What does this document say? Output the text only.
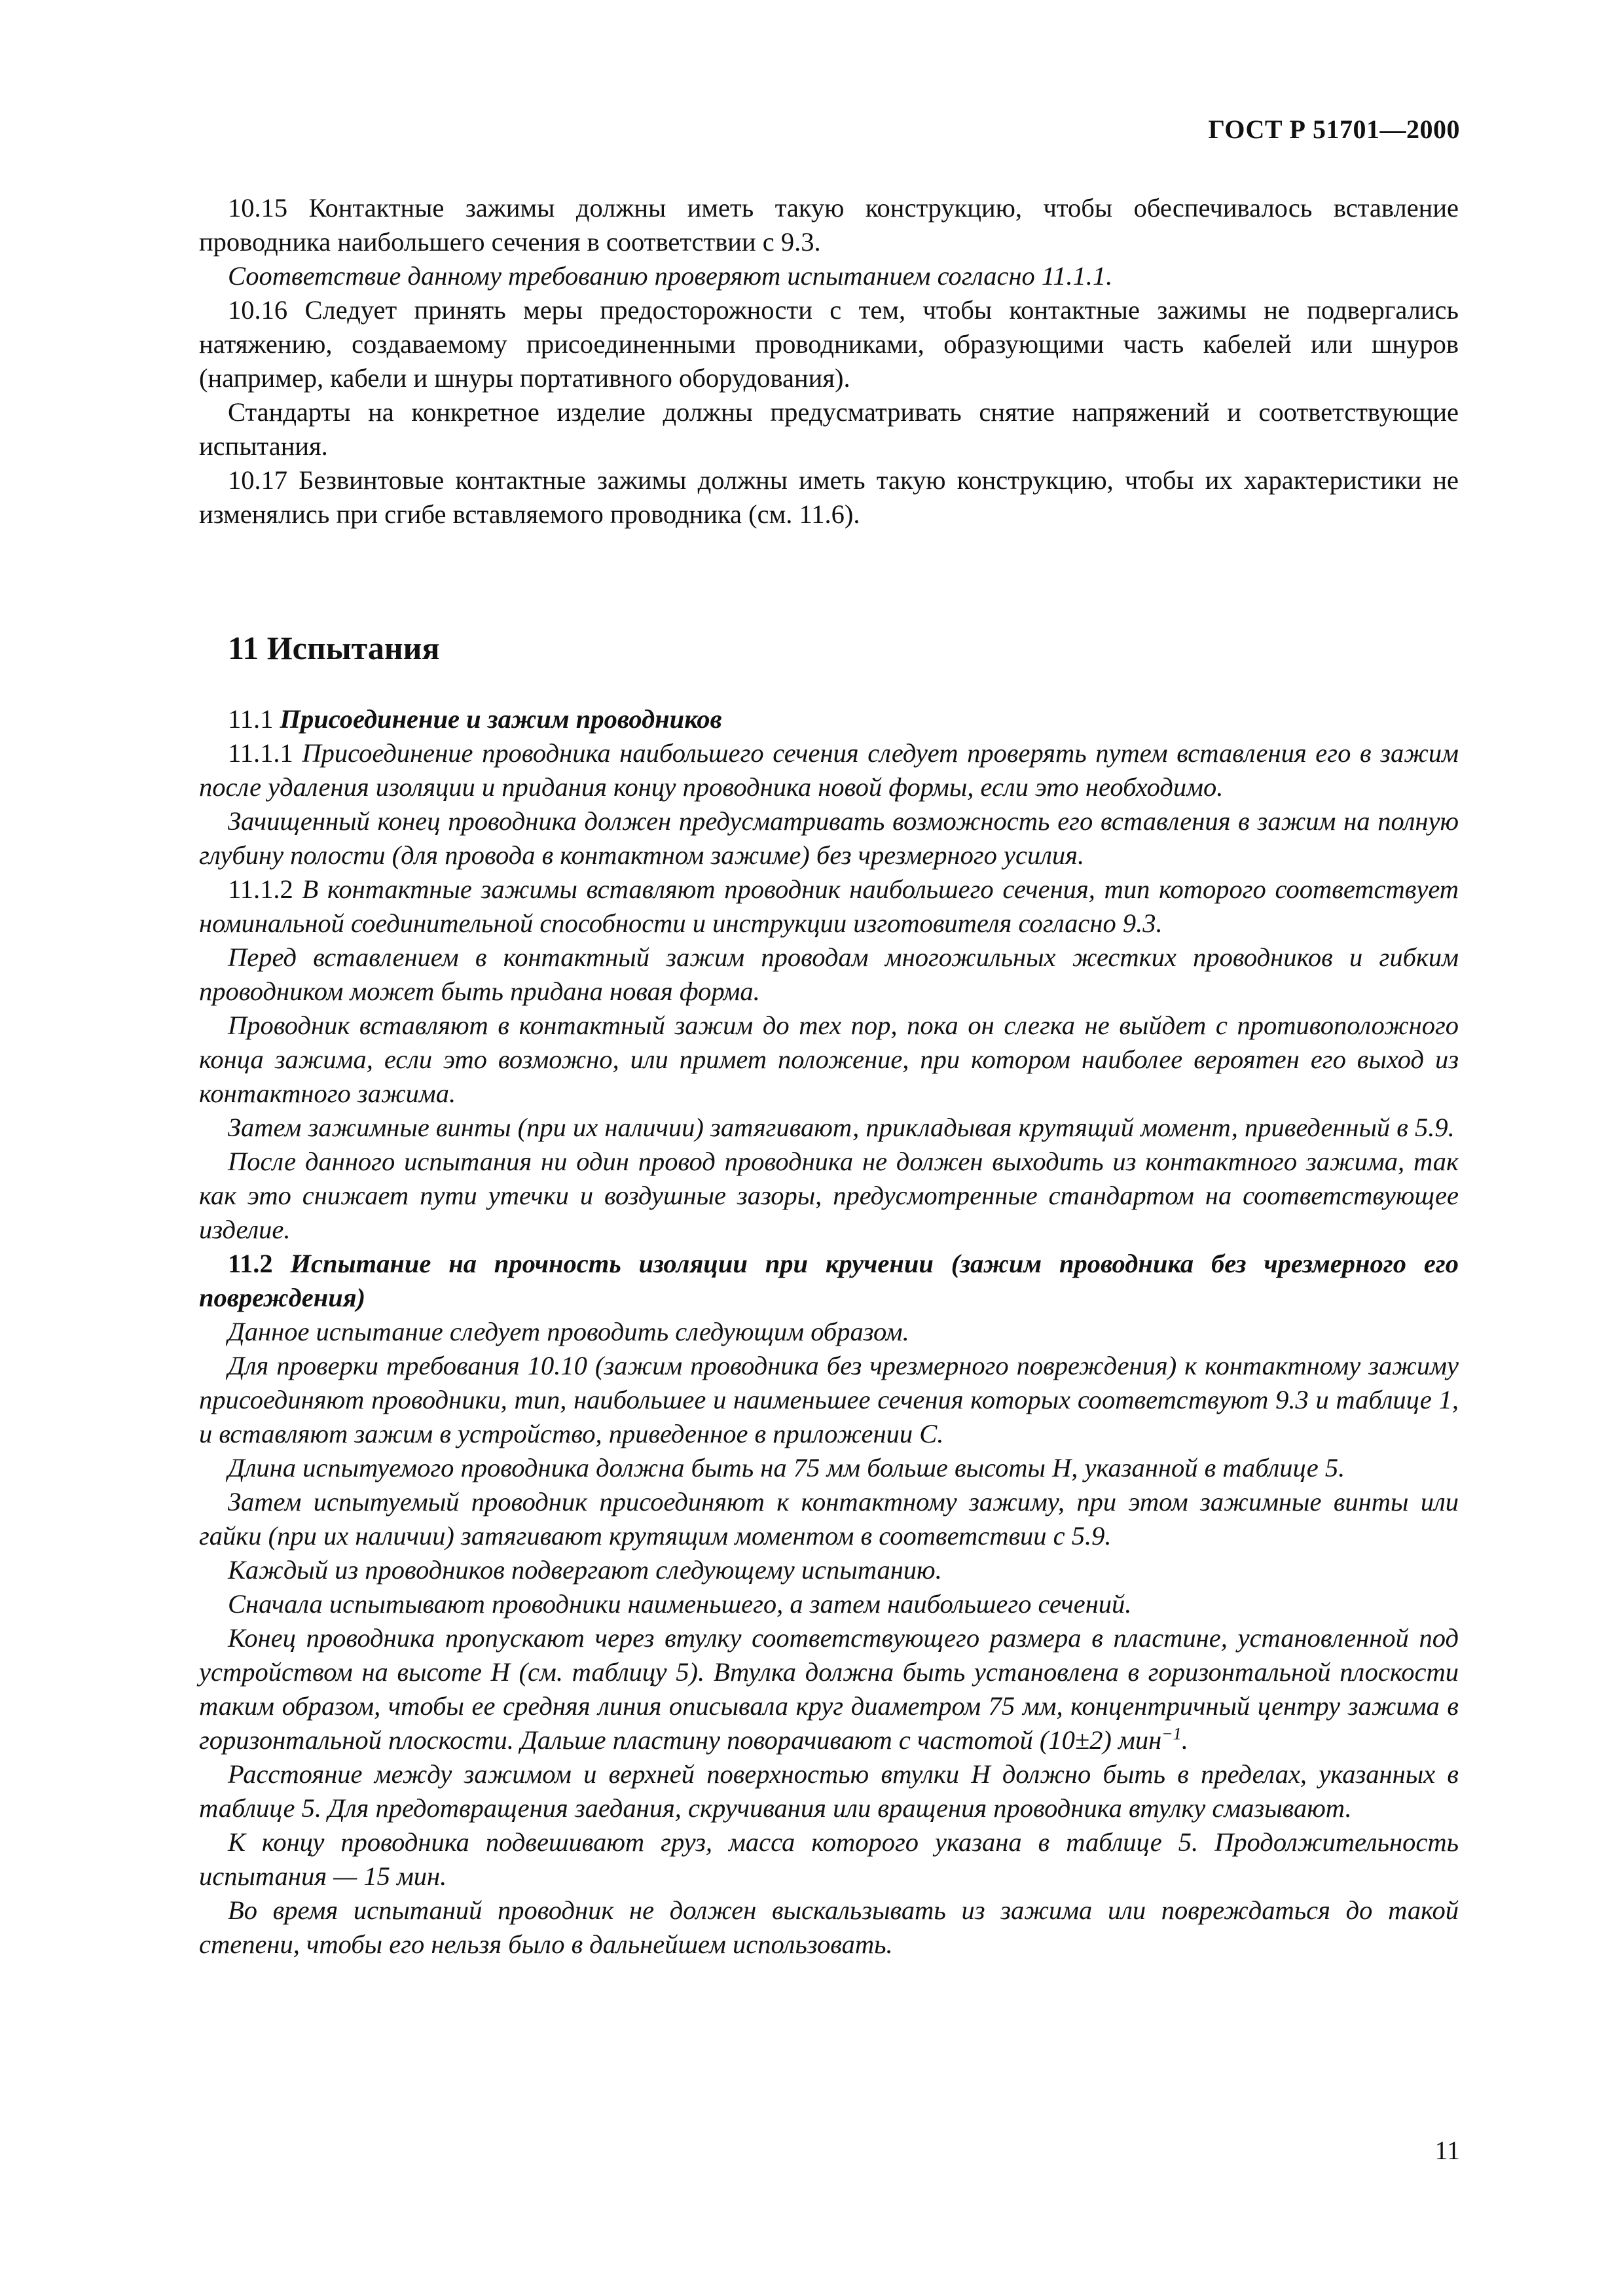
ГОСТ Р 51701—2000

10.15 Контактные зажимы должны иметь такую конструкцию, чтобы обеспечивалось вставление проводника наибольшего сечения в соответствии с 9.3.

Соответствие данному требованию проверяют испытанием согласно 11.1.1.

10.16 Следует принять меры предосторожности с тем, чтобы контактные зажимы не подвергались натяжению, создаваемому присоединенными проводниками, образующими часть кабелей или шнуров (например, кабели и шнуры портативного оборудования).

Стандарты на конкретное изделие должны предусматривать снятие напряжений и соответствующие испытания.

10.17 Безвинтовые контактные зажимы должны иметь такую конструкцию, чтобы их характеристики не изменялись при сгибе вставляемого проводника (см. 11.6).

11 Испытания

11.1 Присоединение и зажим проводников

11.1.1 Присоединение проводника наибольшего сечения следует проверять путем вставления его в зажим после удаления изоляции и придания концу проводника новой формы, если это необходимо.

Зачищенный конец проводника должен предусматривать возможность его вставления в зажим на полную глубину полости (для провода в контактном зажиме) без чрезмерного усилия.

11.1.2 В контактные зажимы вставляют проводник наибольшего сечения, тип которого соответствует номинальной соединительной способности и инструкции изготовителя согласно 9.3.

Перед вставлением в контактный зажим проводам многожильных жестких проводников и гибким проводником может быть придана новая форма.

Проводник вставляют в контактный зажим до тех пор, пока он слегка не выйдет с противоположного конца зажима, если это возможно, или примет положение, при котором наиболее вероятен его выход из контактного зажима.

Затем зажимные винты (при их наличии) затягивают, прикладывая крутящий момент, приведенный в 5.9.

После данного испытания ни один провод проводника не должен выходить из контактного зажима, так как это снижает пути утечки и воздушные зазоры, предусмотренные стандартом на соответствующее изделие.

11.2 Испытание на прочность изоляции при кручении (зажим проводника без чрезмерного его повреждения)

Данное испытание следует проводить следующим образом.

Для проверки требования 10.10 (зажим проводника без чрезмерного повреждения) к контактному зажиму присоединяют проводники, тип, наибольшее и наименьшее сечения которых соответствуют 9.3 и таблице 1, и вставляют зажим в устройство, приведенное в приложении С.

Длина испытуемого проводника должна быть на 75 мм больше высоты Н, указанной в таблице 5.

Затем испытуемый проводник присоединяют к контактному зажиму, при этом зажимные винты или гайки (при их наличии) затягивают крутящим моментом в соответствии с 5.9.

Каждый из проводников подвергают следующему испытанию.

Сначала испытывают проводники наименьшего, а затем наибольшего сечений.

Конец проводника пропускают через втулку соответствующего размера в пластине, установленной под устройством на высоте Н (см. таблицу 5). Втулка должна быть установлена в горизонтальной плоскости таким образом, чтобы ее средняя линия описывала круг диаметром 75 мм, концентричный центру зажима в горизонтальной плоскости. Дальше пластину поворачивают с частотой (10±2) мин$^{-1}$.

Расстояние между зажимом и верхней поверхностью втулки Н должно быть в пределах, указанных в таблице 5. Для предотвращения заедания, скручивания или вращения проводника втулку смазывают.

К концу проводника подвешивают груз, масса которого указана в таблице 5. Продолжительность испытания — 15 мин.

Во время испытаний проводник не должен выскальзывать из зажима или повреждаться до такой степени, чтобы его нельзя было в дальнейшем использовать.

11
